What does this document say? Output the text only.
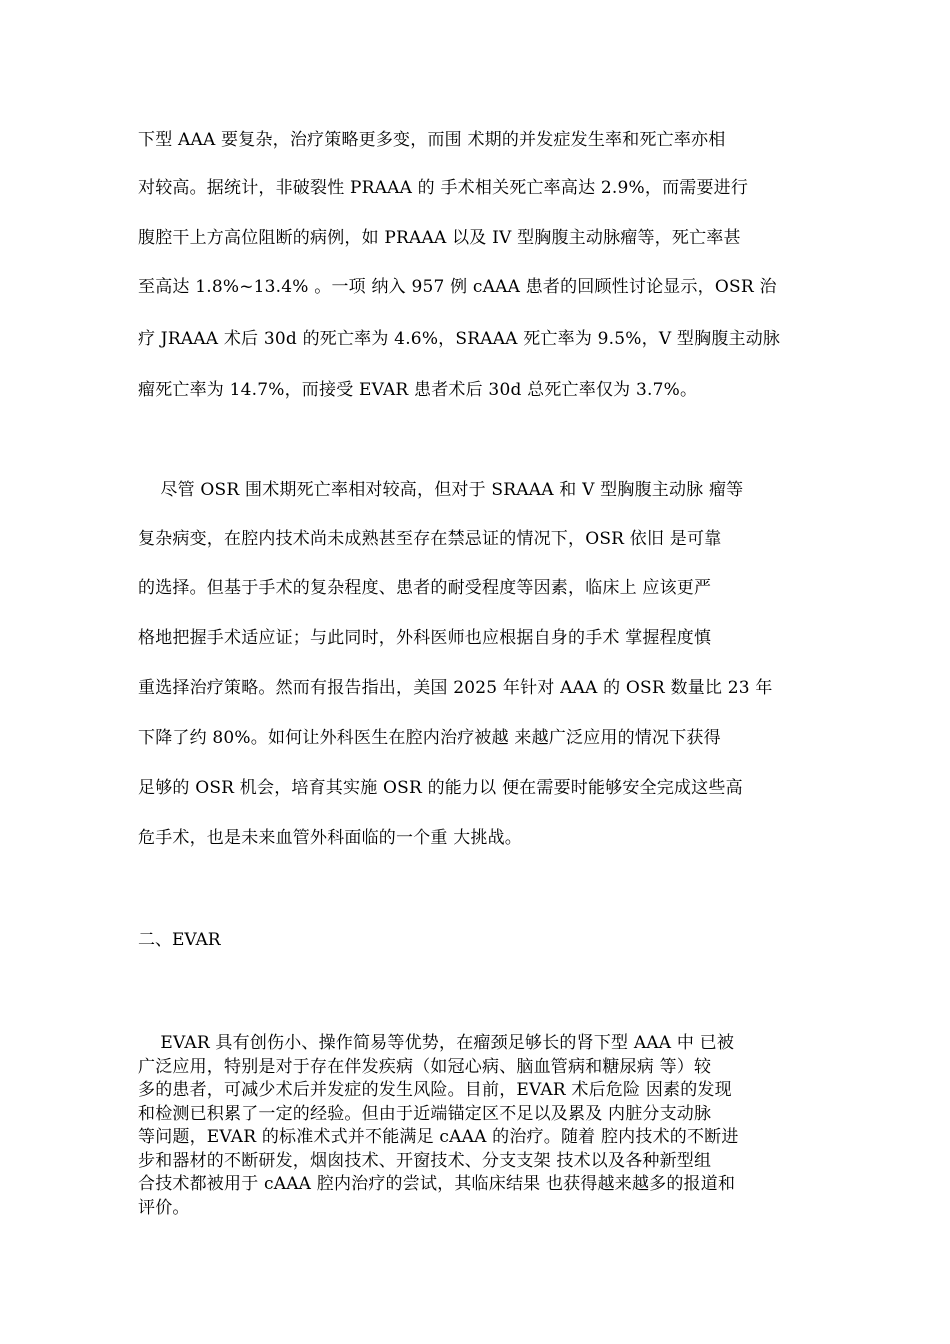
下型 AAA 要复杂，治疗策略更多变，而围 术期的并发症发生率和死亡率亦相
对较高。据统计，非破裂性 PRAAA 的 手术相关死亡率高达 2.9%，而需要进行
腹腔干上方高位阻断的病例，如 PRAAA 以及 IV 型胸腹主动脉瘤等，死亡率甚
至高达 1.8%~13.4% 。一项 纳入 957 例 cAAA 患者的回顾性讨论显示，OSR 治
疗 JRAAA 术后 30d 的死亡率为 4.6%，SRAAA 死亡率为 9.5%，V 型胸腹主动脉
瘤死亡率为 14.7%，而接受 EVAR 患者术后 30d 总死亡率仅为 3.7%。
尽管 OSR 围术期死亡率相对较高，但对于 SRAAA 和 V 型胸腹主动脉 瘤等
复杂病变，在腔内技术尚未成熟甚至存在禁忌证的情况下，OSR 依旧 是可靠
的选择。但基于手术的复杂程度、患者的耐受程度等因素，临床上 应该更严
格地把握手术适应证；与此同时，外科医师也应根据自身的手术 掌握程度慎
重选择治疗策略。然而有报告指出，美国 2025 年针对 AAA 的 OSR 数量比 23 年
下降了约 80%。如何让外科医生在腔内治疗被越 来越广泛应用的情况下获得
足够的 OSR 机会，培育其实施 OSR 的能力以 便在需要时能够安全完成这些高
危手术，也是未来血管外科面临的一个重 大挑战。
二、EVAR
EVAR 具有创伤小、操作简易等优势，在瘤颈足够长的肾下型 AAA 中 已被
广泛应用，特别是对于存在伴发疾病（如冠心病、脑血管病和糖尿病 等）较
多的患者，可减少术后并发症的发生风险。目前，EVAR 术后危险 因素的发现
和检测已积累了一定的经验。但由于近端锚定区不足以及累及 内脏分支动脉
等问题，EVAR 的标准术式并不能满足 cAAA 的治疗。随着 腔内技术的不断进
步和器材的不断研发，烟囱技术、开窗技术、分支支架 技术以及各种新型组
合技术都被用于 cAAA 腔内治疗的尝试，其临床结果 也获得越来越多的报道和
评价。
